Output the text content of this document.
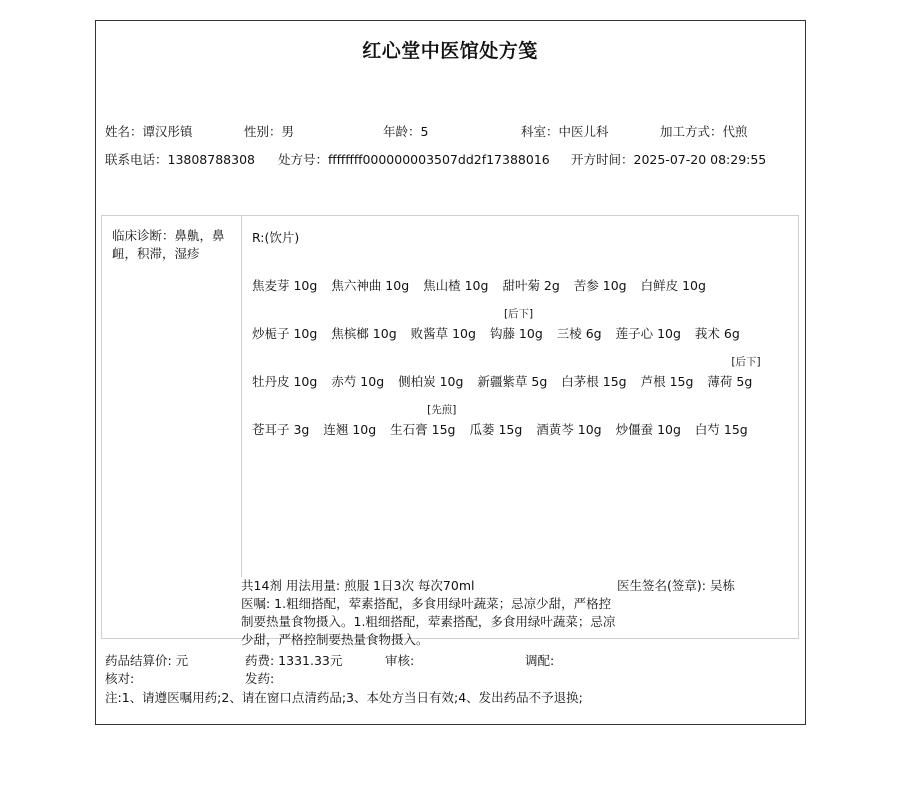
红心堂中医馆处方笺
姓名：谭汉彤镇	性别：男	年龄：5	科室：中医儿科	加工方式：代煎
联系电话：13808788308 处方号：ffffffff000000003507dd2f17388016 开方时间：2025-07-20 08:29:55
临床诊断：鼻鼽，鼻衄，积滞，湿疹
R:(饮片)
焦麦芽 10g 焦六神曲 10g 焦山楂 10g 甜叶菊 2g 苦参 10g 白鲜皮 10g
炒栀子 10g 焦槟榔 10g 败酱草 10g
[后下]
钩藤 10g 三棱 6g 莲子心 10g 莪术 6g
牡丹皮 10g 赤芍 10g 侧柏炭 10g 新疆紫草 5g 白茅根 15g 芦根 15g
[后下]
薄荷 5g
苍耳子 3g 连翘 10g
[先煎]
生石膏 15g 瓜蒌 15g 酒黄芩 10g 炒僵蚕 10g 白芍 15g
共14剂 用法用量: 煎服 1日3次 每次70ml	医生签名(签章): 吴栋
医嘱: 1.粗细搭配，荤素搭配，多食用绿叶蔬菜；忌凉少甜，严格控制要热量食物摄入。1.粗细搭配，荤素搭配，多食用绿叶蔬菜；忌凉少甜，严格控制要热量食物摄入。
药品结算价: 元	药费: 1331.33元	审核:	调配:
核对:	发药:
注:1、请遵医嘱用药;2、请在窗口点清药品;3、本处方当日有效;4、发出药品不予退换;
